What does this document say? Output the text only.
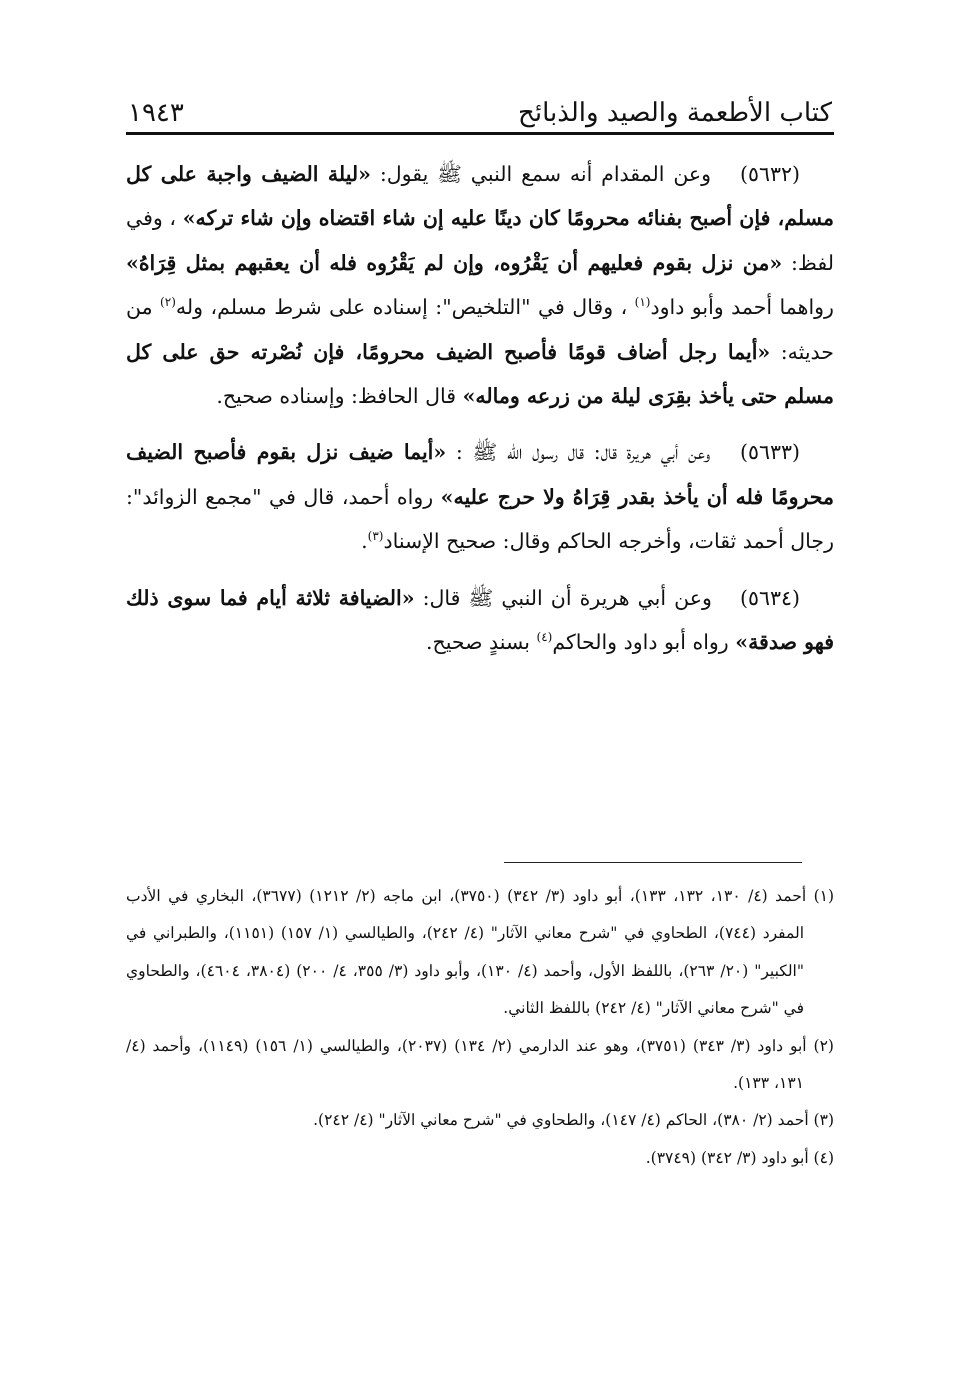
كتاب الأطعمة والصيد والذبائح
١٩٤٣

(٥٦٣٢) وعن المقدام أنه سمع النبي ﷺ يقول: «ليلة الضيف واجبة على كل مسلم، فإن أصبح بفنائه محرومًا كان دينًا عليه إن شاء اقتضاه وإن شاء تركه» ، وفي لفظ: «من نزل بقوم فعليهم أن يَقْرُوه، وإن لم يَقْرُوه فله أن يعقبهم بمثل قِرَاهُ» رواهما أحمد وأبو داود$^{(١)}$ ، وقال في "التلخيص": إسناده على شرط مسلم، وله$^{(٢)}$ من حديثه: «أيما رجل أضاف قومًا فأصبح الضيف محرومًا، فإن نُصْرته حق على كل مسلم حتى يأخذ بقِرَى ليلة من زرعه وماله» قال الحافظ: وإسناده صحيح.

(٥٦٣٣) وعن أبي هريرة قال: قال رسول الله ﷺ : «أيما ضيف نزل بقوم فأصبح الضيف محرومًا فله أن يأخذ بقدر قِرَاهُ ولا حرج عليه» رواه أحمد، قال في "مجمع الزوائد": رجال أحمد ثقات، وأخرجه الحاكم وقال: صحيح الإسناد$^{(٣)}$.

(٥٦٣٤) وعن أبي هريرة أن النبي ﷺ قال: «الضيافة ثلاثة أيام فما سوى ذلك فهو صدقة» رواه أبو داود والحاكم$^{(٤)}$ بسندٍ صحيح.

(١) أحمد (٤/ ١٣٠، ١٣٢، ١٣٣)، أبو داود (٣/ ٣٤٢) (٣٧٥٠)، ابن ماجه (٢/ ١٢١٢) (٣٦٧٧)، البخاري في الأدب المفرد (٧٤٤)، الطحاوي في "شرح معاني الآثار" (٤/ ٢٤٢)، والطيالسي (١/ ١٥٧) (١١٥١)، والطبراني في "الكبير" (٢٠/ ٢٦٣)، باللفظ الأول، وأحمد (٤/ ١٣٠)، وأبو داود (٣/ ٣٥٥، ٤/ ٢٠٠) (٣٨٠٤، ٤٦٠٤)، والطحاوي في "شرح معاني الآثار" (٤/ ٢٤٢) باللفظ الثاني.

(٢) أبو داود (٣/ ٣٤٣) (٣٧٥١)، وهو عند الدارمي (٢/ ١٣٤) (٢٠٣٧)، والطيالسي (١/ ١٥٦) (١١٤٩)، وأحمد (٤/ ١٣١، ١٣٣).

(٣) أحمد (٢/ ٣٨٠)، الحاكم (٤/ ١٤٧)، والطحاوي في "شرح معاني الآثار" (٤/ ٢٤٢).

(٤) أبو داود (٣/ ٣٤٢) (٣٧٤٩).
